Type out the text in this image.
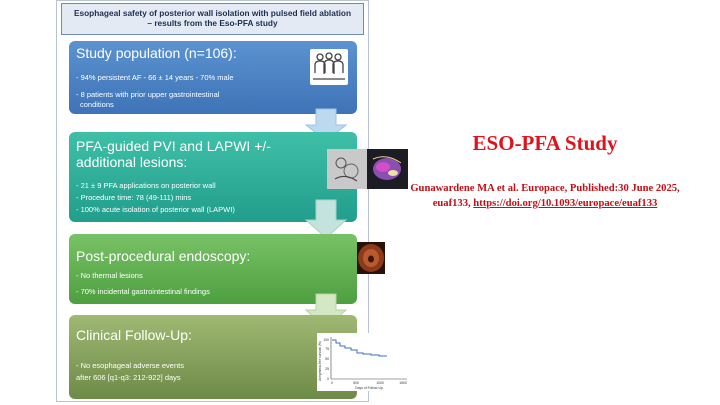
Esophageal safety of posterior wall isolation with pulsed field ablation
– results from the Eso-PFA study
Study population (n=106):
- 94% persistent AF - 66 ± 14 years - 70% male
- 8 patients with prior upper gastrointestinal
conditions
PFA-guided PVI and LAPWI +/-
additional lesions:
- 21 ± 9 PFA applications on posterior wall
- Procedure time: 78 (49-111) mins
- 100% acute isolation of posterior wall (LAPWI)
Post-procedural endoscopy:
- No thermal lesions
- 70% incidental gastrointestinal findings
Clinical Follow-Up:
- No esophageal adverse events
after 606 [q1-q3: 212-922] days	Arrhythmia-free survival (%)
100
75
50
25
0
0	500	1000	1500
Days of Follow-Up
ESO-PFA Study
Gunawardene MA et al. Europace, Published:30 June 2025,
euaf133, https://doi.org/10.1093/europace/euaf133
